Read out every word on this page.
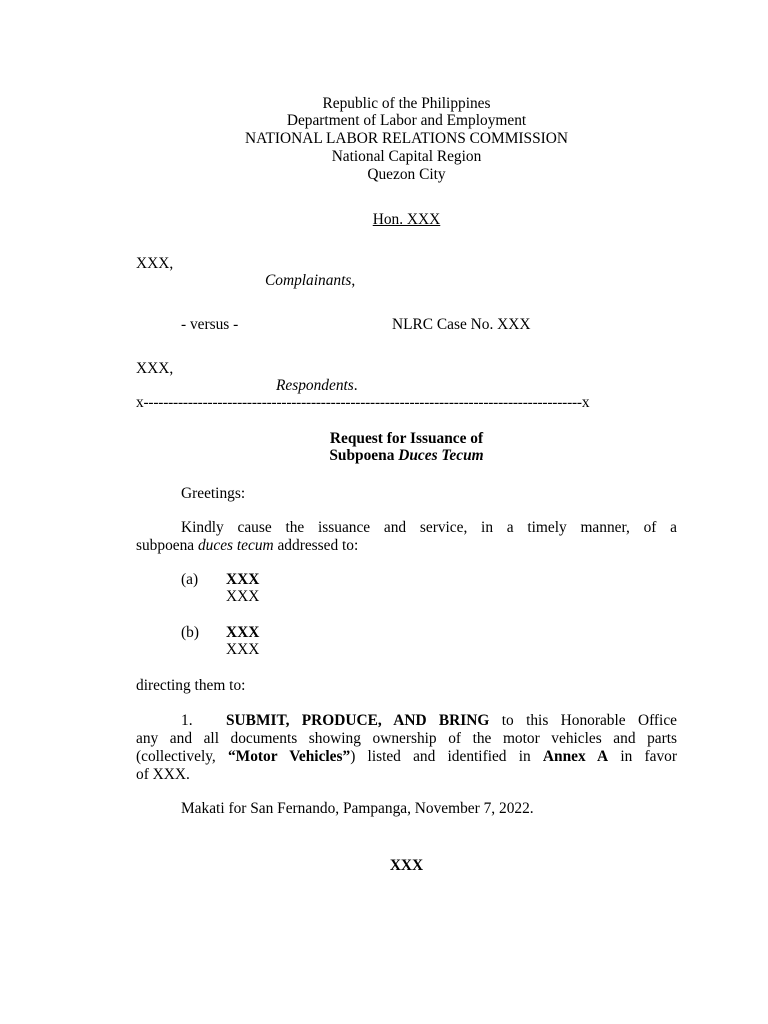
Republic of the Philippines
Department of Labor and Employment
NATIONAL LABOR RELATIONS COMMISSION
National Capital Region
Quezon City
Hon. XXX
XXX,
Complainants,
- versus -	NLRC Case No. XXX
XXX,
Respondents.
x-----------------------------------------------------------------------------------------x
Request for Issuance of
Subpoena Duces Tecum
Greetings:
Kindly cause the issuance and service, in a timely manner, of a
subpoena duces tecum addressed to:
(a) XXX
XXX
(b) XXX
XXX
directing them to:
1. SUBMIT, PRODUCE, AND BRING to this Honorable Office
any and all documents showing ownership of the motor vehicles and parts
(collectively, “Motor Vehicles”) listed and identified in Annex A in favor
of XXX.
Makati for San Fernando, Pampanga, November 7, 2022.
XXX
